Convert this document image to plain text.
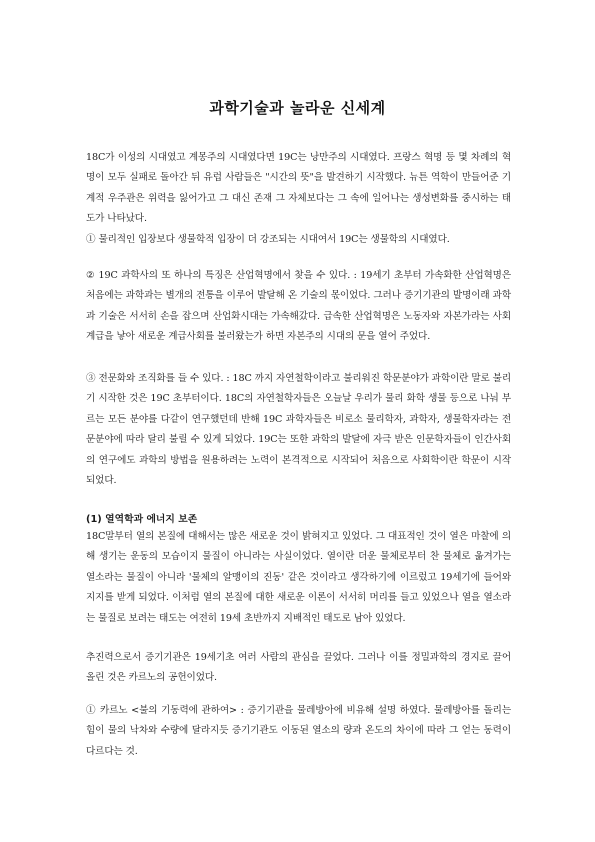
과학기술과 놀라운 신세계

18C가 이성의 시대였고 계몽주의 시대였다면 19C는 낭만주의 시대였다. 프랑스 혁명 등 몇 차례의 혁명이 모두 실패로 돌아간 뒤 유럽 사람들은 "시간의 뜻"을 발견하기 시작했다. 뉴튼 역학이 만들어준 기계적 우주관은 위력을 잃어가고 그 대신 존재 그 자체보다는 그 속에 일어나는 생성변화를 중시하는 태도가 나타났다.

① 물리적인 입장보다 생물학적 입장이 더 강조되는 시대여서 19C는 생물학의 시대였다.

② 19C 과학사의 또 하나의 특징은 산업혁명에서 찾을 수 있다. : 19세기 초부터 가속화한 산업혁명은 처음에는 과학과는 별개의 전통을 이루어 발달해 온 기술의 몫이었다. 그러나 증기기관의 발명이래 과학과 기술은 서서히 손을 잡으며 산업화시대는 가속해갔다. 급속한 산업혁명은 노동자와 자본가라는 사회계급을 낳아 새로운 계급사회를 불러왔는가 하면 자본주의 시대의 문을 열어 주었다.

③ 전문화와 조직화를 들 수 있다. : 18C 까지 자연철학이라고 불리워진 학문분야가 과학이란 말로 불리기 시작한 것은 19C 초부터이다. 18C의 자연철학자들은 오늘날 우리가 물리 화학 생물 등으로 나눠 부르는 모든 분야를 다같이 연구했던데 반해 19C 과학자들은 비로소 물리학자, 과학자, 생물학자라는 전문분야에 따라 달리 불릴 수 있게 되었다. 19C는 또한 과학의 발달에 자극 받은 인문학자들이 인간사회의 연구에도 과학의 방법을 원용하려는 노력이 본격적으로 시작되어 처음으로 사회학이란 학문이 시작되었다.

(1) 열역학과 에너지 보존

18C말부터 열의 본질에 대해서는 많은 새로운 것이 밝혀지고 있었다. 그 대표적인 것이 열은 마찰에 의해 생기는 운동의 모습이지 물질이 아니라는 사실이었다. 열이란 더운 물체로부터 찬 물체로 옮겨가는 열소라는 물질이 아니라 '물체의 알맹이의 진동' 같은 것이라고 생각하기에 이르렀고 19세기에 들어와 지지를 받게 되었다. 이처럼 열의 본질에 대한 새로운 이론이 서서히 머리를 들고 있었으나 열을 열소라는 물질로 보려는 태도는 여전히 19세 초반까지 지배적인 태도로 남아 있었다.

추진력으로서 증기기관은 19세기초 여러 사람의 관심을 끌었다. 그러나 이를 정밀과학의 경지로 끌어 올린 것은 카르노의 공헌이었다.

① 카르노 <불의 기동력에 관하여> : 증기기관을 물레방아에 비유해 설명 하였다. 물레방아를 돌리는 힘이 물의 낙차와 수량에 달라지듯 증기기관도 이동된 열소의 량과 온도의 차이에 따라 그 얻는 동력이 다르다는 것.
